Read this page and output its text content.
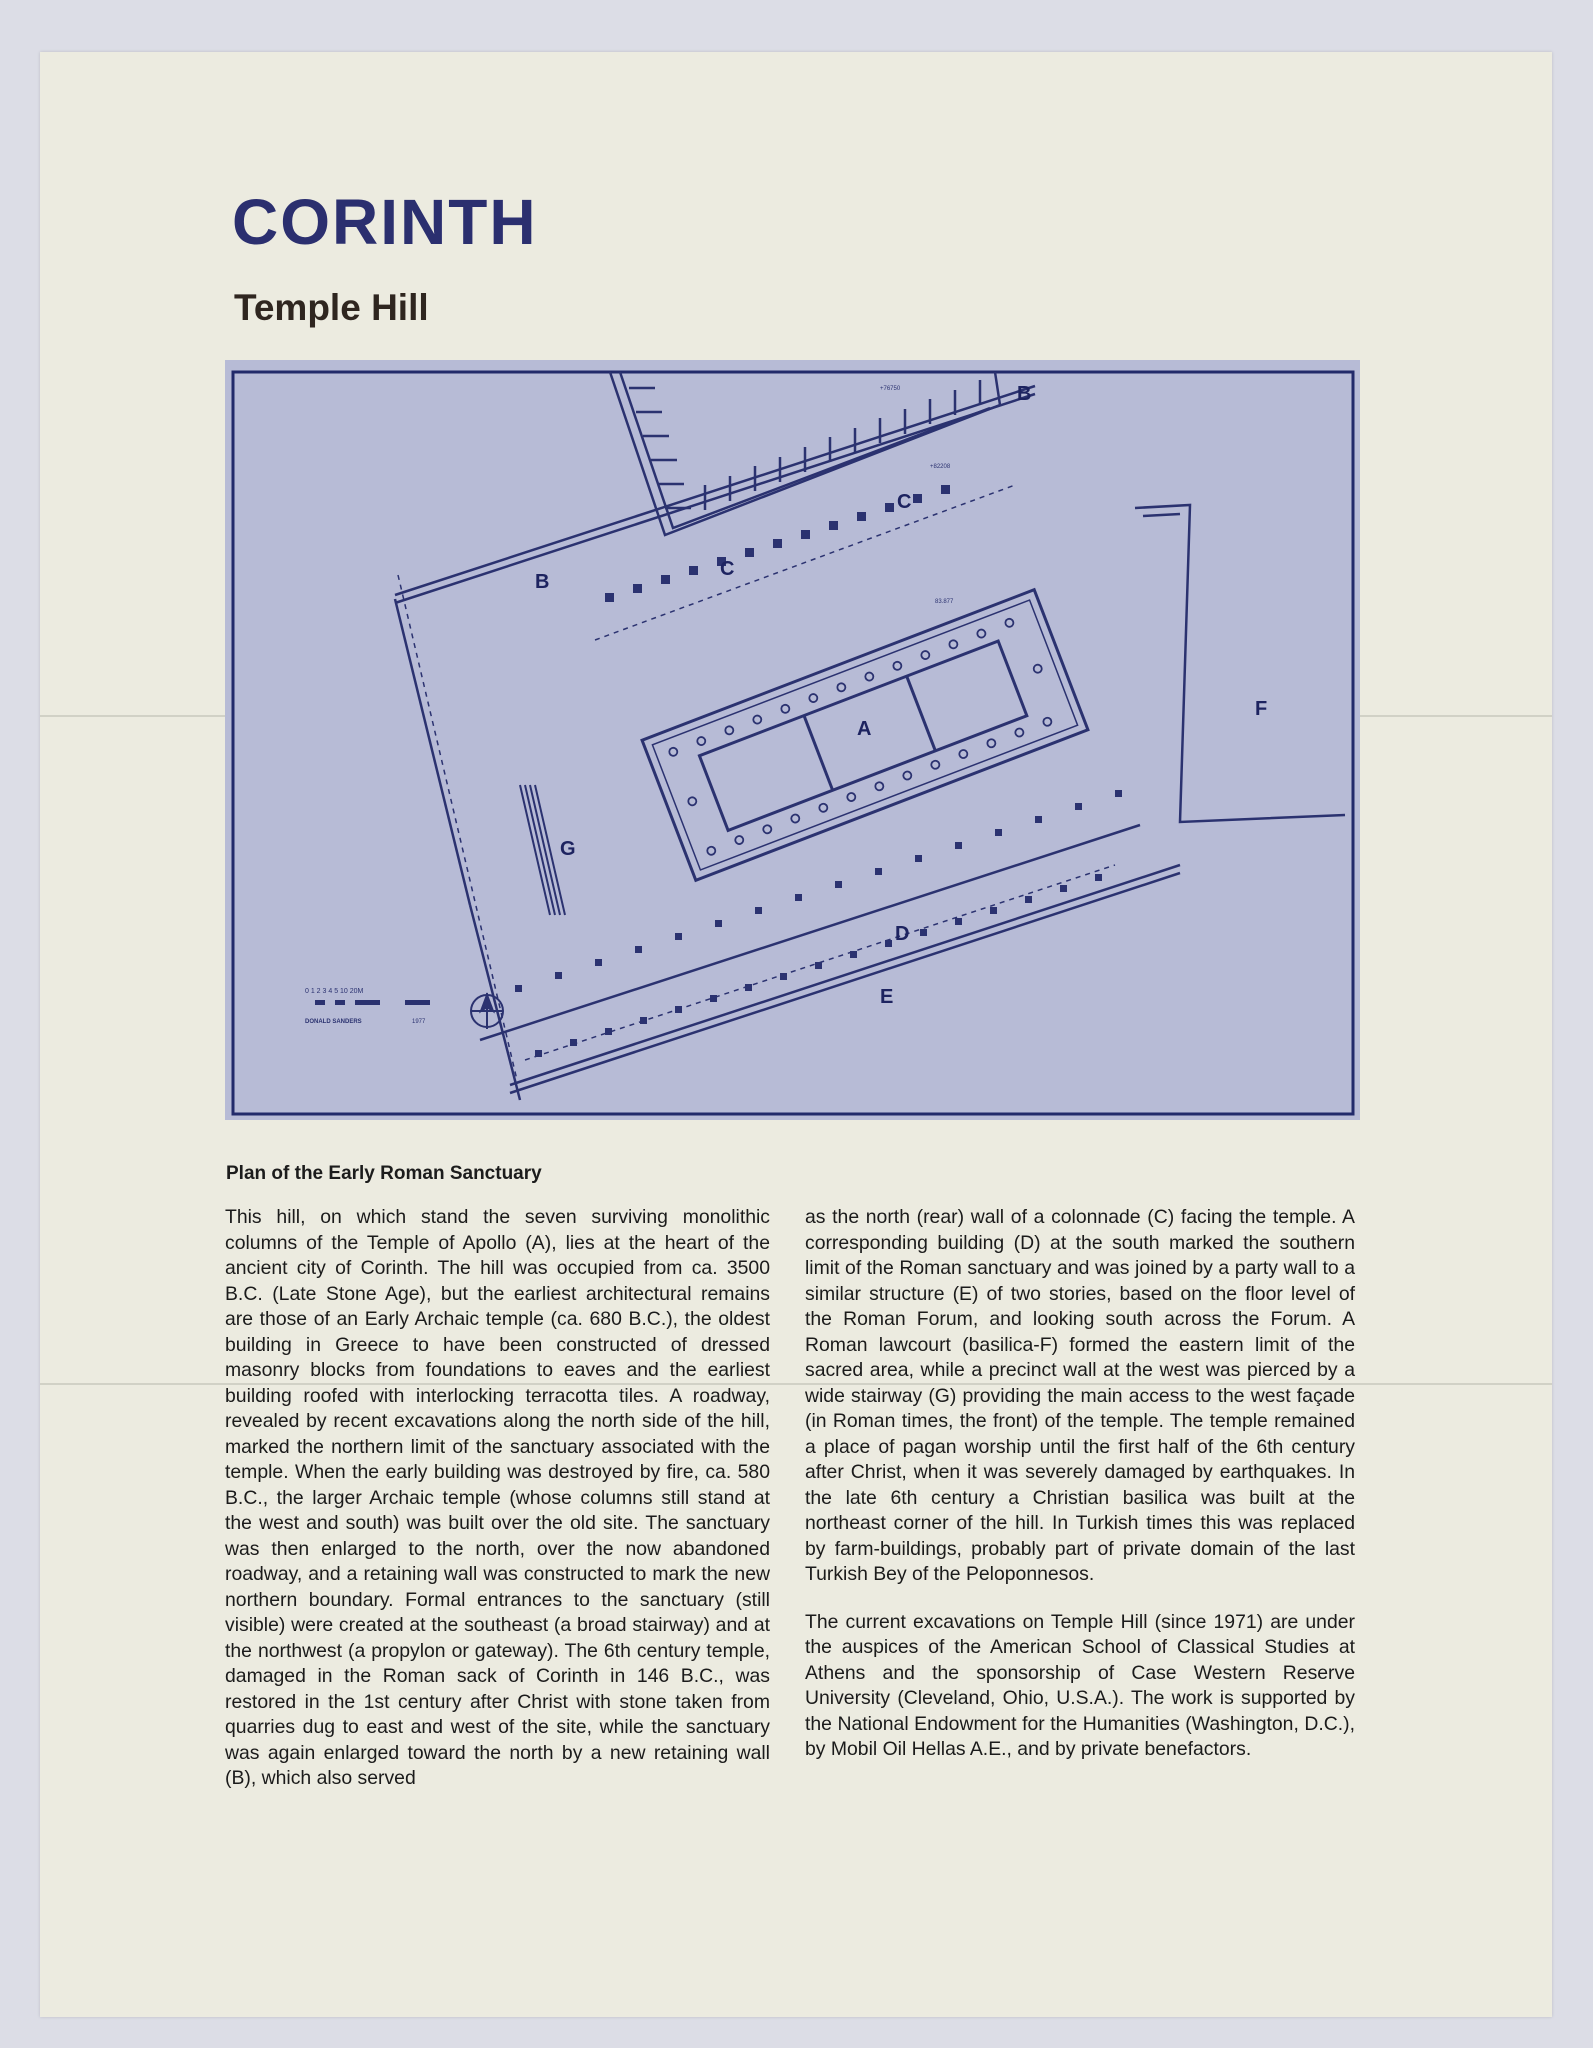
CORINTH
Temple Hill
0 1 2 3 4 5 10 20M
DONALD SANDERS	1977
+76750
+82208
83.877
A
B
B
C
C
D
E
F
G

Plan of the Early Roman Sanctuary

This hill, on which stand the seven surviving monolithic columns of the Temple of Apollo (A), lies at the heart of the ancient city of Corinth. The hill was occupied from ca. 3500 B.C. (Late Stone Age), but the earliest architectural remains are those of an Early Archaic temple (ca. 680 B.C.), the oldest building in Greece to have been constructed of dressed masonry blocks from foundations to eaves and the earliest building roofed with interlocking terracotta tiles. A roadway, revealed by recent excavations along the north side of the hill, marked the northern limit of the sanctuary associated with the temple. When the early building was destroyed by fire, ca. 580 B.C., the larger Archaic temple (whose columns still stand at the west and south) was built over the old site. The sanctuary was then enlarged to the north, over the now abandoned roadway, and a retaining wall was constructed to mark the new northern boundary. Formal entrances to the sanctuary (still visible) were created at the southeast (a broad stairway) and at the northwest (a propylon or gateway). The 6th century temple, damaged in the Roman sack of Corinth in 146 B.C., was restored in the 1st century after Christ with stone taken from quarries dug to east and west of the site, while the sanctuary was again enlarged toward the north by a new retaining wall (B), which also served

as the north (rear) wall of a colonnade (C) facing the temple. A corresponding building (D) at the south marked the southern limit of the Roman sanctuary and was joined by a party wall to a similar structure (E) of two stories, based on the floor level of the Roman Forum, and looking south across the Forum. A Roman lawcourt (basilica-F) formed the eastern limit of the sacred area, while a precinct wall at the west was pierced by a wide stairway (G) providing the main access to the west façade (in Roman times, the front) of the temple. The temple remained a place of pagan worship until the first half of the 6th century after Christ, when it was severely damaged by earthquakes. In the late 6th century a Christian basilica was built at the northeast corner of the hill. In Turkish times this was replaced by farm-buildings, probably part of private domain of the last Turkish Bey of the Peloponnesos.

The current excavations on Temple Hill (since 1971) are under the auspices of the American School of Classical Studies at Athens and the sponsorship of Case Western Reserve University (Cleveland, Ohio, U.S.A.). The work is supported by the National Endowment for the Humanities (Washington, D.C.), by Mobil Oil Hellas A.E., and by private benefactors.
